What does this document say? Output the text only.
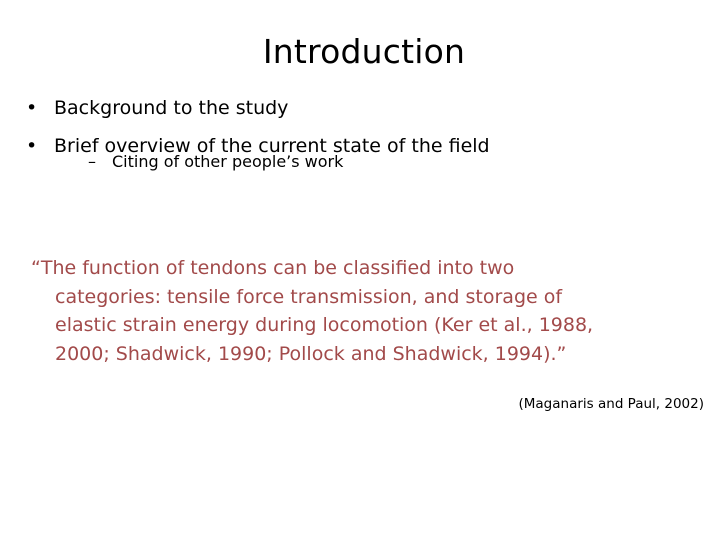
Introduction
• Background to the study
• Brief overview of the current state of the field
–	Citing of other people’s work
“The function of tendons can be classified into two
categories: tensile force transmission, and storage of
elastic strain energy during locomotion (Ker et al., 1988,
2000; Shadwick, 1990; Pollock and Shadwick, 1994).”
(Maganaris and Paul, 2002)
